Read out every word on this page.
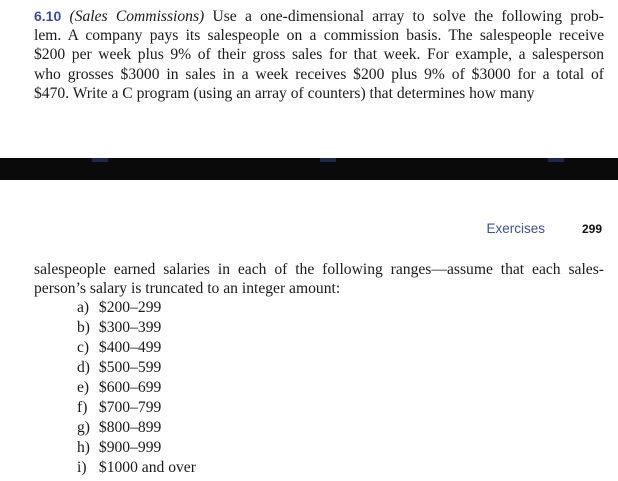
6.10 (Sales Commissions) Use a one-dimensional array to solve the following prob-
lem. A company pays its salespeople on a commission basis. The salespeople receive
$200 per week plus 9% of their gross sales for that week. For example, a salesperson
who grosses $3000 in sales in a week receives $200 plus 9% of $3000 for a total of
$470. Write a C program (using an array of counters) that determines how many
Exercises	299
salespeople earned salaries in each of the following ranges—assume that each sales-
person’s salary is truncated to an integer amount:
a) $200–299
b) $300–399
c) $400–499
d) $500–599
e) $600–699
f) $700–799
g) $800–899
h) $900–999
i) $1000 and over
